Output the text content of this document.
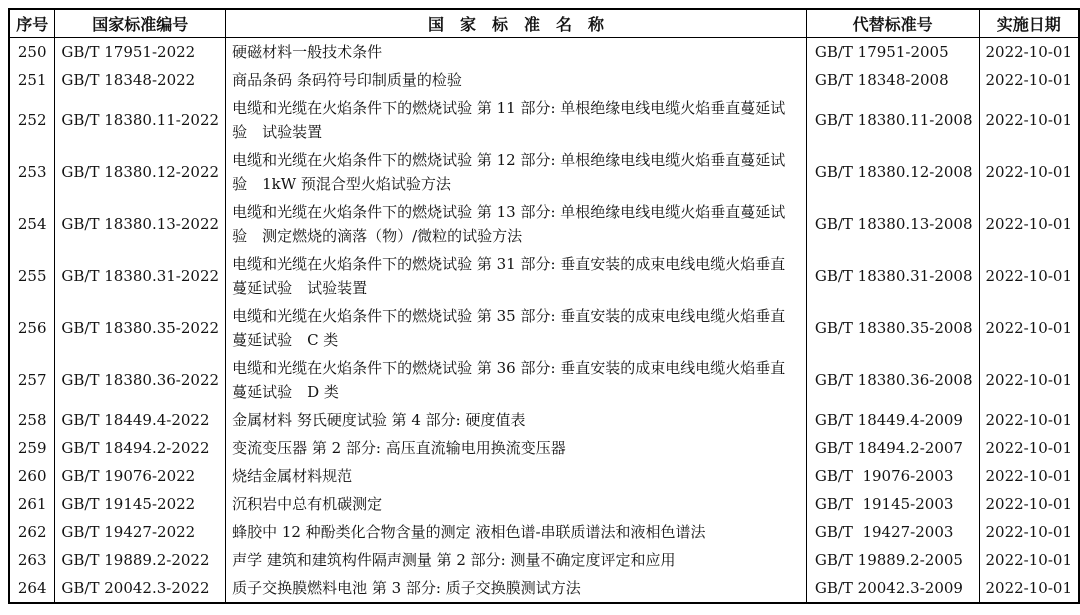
序号	国家标准编号	国　家　标　准　名　称	代替标准号	实施日期
250	GB/T 17951-2022	硬磁材料一般技术条件	GB/T 17951-2005	2022-10-01
251	GB/T 18348-2022	商品条码 条码符号印制质量的检验	GB/T 18348-2008	2022-10-01
252	GB/T 18380.11-2022	电缆和光缆在火焰条件下的燃烧试验 第 11 部分: 单根绝缘电线电缆火焰垂直蔓延试
验　试验装置	GB/T 18380.11-2008	2022-10-01
253	GB/T 18380.12-2022	电缆和光缆在火焰条件下的燃烧试验 第 12 部分: 单根绝缘电线电缆火焰垂直蔓延试
验　1kW 预混合型火焰试验方法	GB/T 18380.12-2008	2022-10-01
254	GB/T 18380.13-2022	电缆和光缆在火焰条件下的燃烧试验 第 13 部分: 单根绝缘电线电缆火焰垂直蔓延试
验　测定燃烧的滴落（物）/微粒的试验方法	GB/T 18380.13-2008	2022-10-01
255	GB/T 18380.31-2022	电缆和光缆在火焰条件下的燃烧试验 第 31 部分: 垂直安装的成束电线电缆火焰垂直
蔓延试验　试验装置	GB/T 18380.31-2008	2022-10-01
256	GB/T 18380.35-2022	电缆和光缆在火焰条件下的燃烧试验 第 35 部分: 垂直安装的成束电线电缆火焰垂直
蔓延试验　C 类	GB/T 18380.35-2008	2022-10-01
257	GB/T 18380.36-2022	电缆和光缆在火焰条件下的燃烧试验 第 36 部分: 垂直安装的成束电线电缆火焰垂直
蔓延试验　D 类	GB/T 18380.36-2008	2022-10-01
258	GB/T 18449.4-2022	金属材料 努氏硬度试验 第 4 部分: 硬度值表	GB/T 18449.4-2009	2022-10-01
259	GB/T 18494.2-2022	变流变压器 第 2 部分: 高压直流输电用换流变压器	GB/T 18494.2-2007	2022-10-01
260	GB/T 19076-2022	烧结金属材料规范	GB/T  19076-2003	2022-10-01
261	GB/T 19145-2022	沉积岩中总有机碳测定	GB/T  19145-2003	2022-10-01
262	GB/T 19427-2022	蜂胶中 12 种酚类化合物含量的测定 液相色谱-串联质谱法和液相色谱法	GB/T  19427-2003	2022-10-01
263	GB/T 19889.2-2022	声学 建筑和建筑构件隔声测量 第 2 部分: 测量不确定度评定和应用	GB/T 19889.2-2005	2022-10-01
264	GB/T 20042.3-2022	质子交换膜燃料电池 第 3 部分: 质子交换膜测试方法	GB/T 20042.3-2009	2022-10-01
